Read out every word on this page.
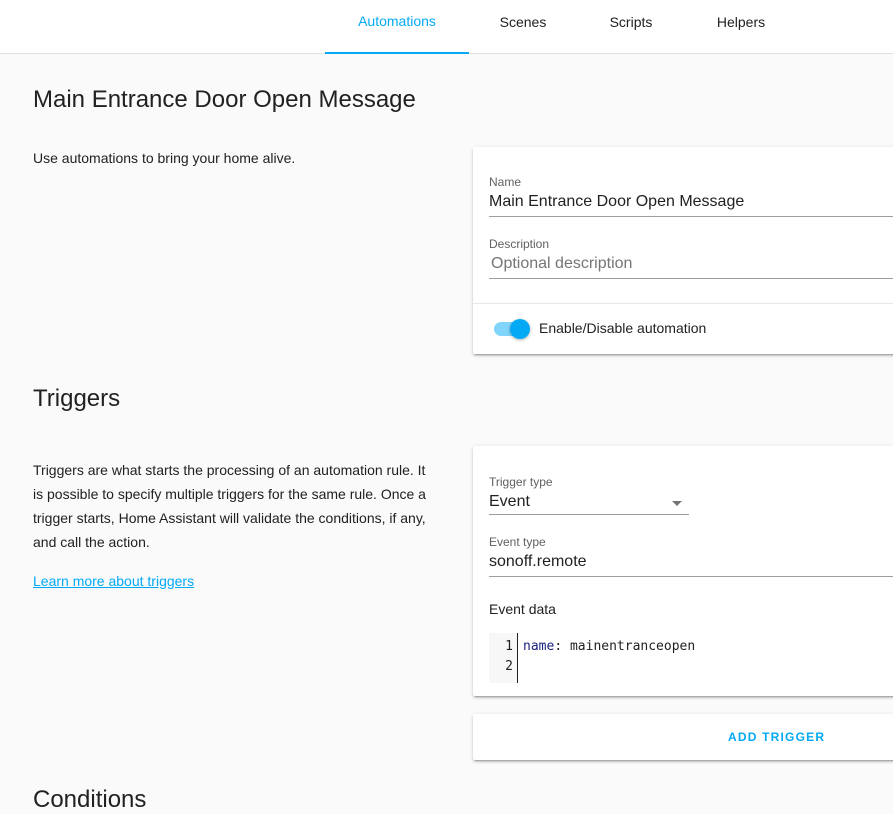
Automations	Scenes	Scripts	Helpers
Main Entrance Door Open Message
Use automations to bring your home alive.
Name
Main Entrance Door Open Message
Description
Optional description
Enable/Disable automation
Triggers
Triggers are what starts the processing of an automation rule. It
is possible to specify multiple triggers for the same rule. Once a
trigger starts, Home Assistant will validate the conditions, if any,
and call the action.
Learn more about triggers
Trigger type
Event
Event type
sonoff.remote
Event data
1
2
name: mainentranceopen
ADD TRIGGER
Conditions
